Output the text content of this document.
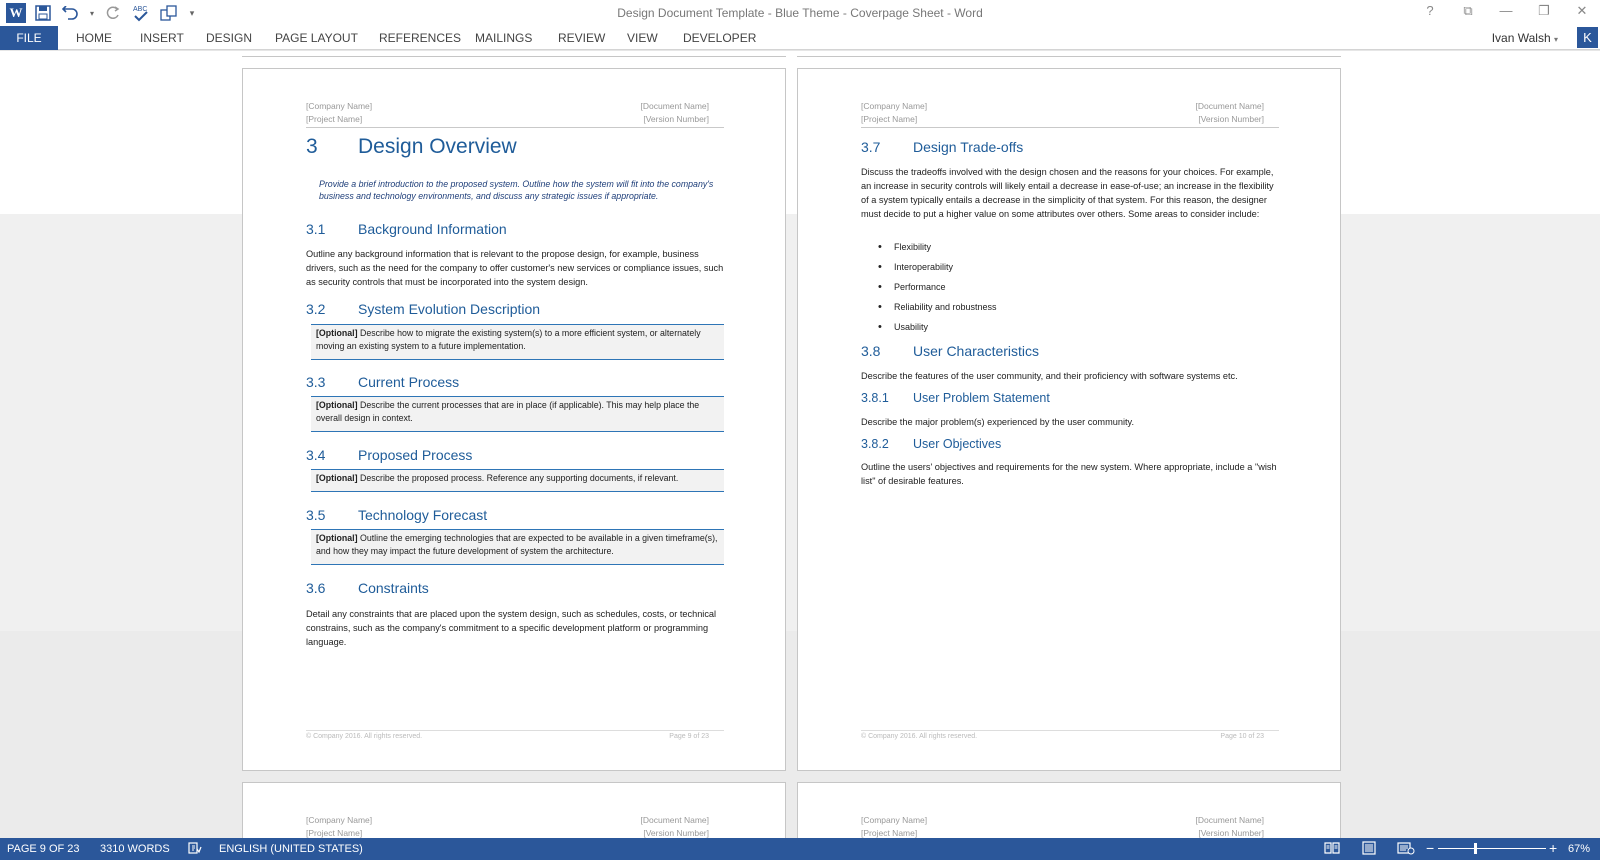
W	▾	ABC	▾	Design Document Template - Blue Theme - Coverpage Sheet - Word	?	⧉	—	❐	✕
FILE	HOME INSERT DESIGN PAGE LAYOUT REFERENCES MAILINGS REVIEW VIEW DEVELOPER	Ivan Walsh ▾	K
[Company Name]
[Project Name]
[Document Name]
[Version Number]
3 Design Overview
Provide a brief introduction to the proposed system. Outline how the system will fit into the company's business and technology environments, and discuss any strategic issues if appropriate.
3.1 Background Information
Outline any background information that is relevant to the propose design, for example, business drivers, such as the need for the company to offer customer's new services or compliance issues, such as security controls that must be incorporated into the system design.
3.2 System Evolution Description
[Optional] Describe how to migrate the existing system(s) to a more efficient system, or alternately moving an existing system to a future implementation.
3.3 Current Process
[Optional] Describe the current processes that are in place (if applicable). This may help place the overall design in context.
3.4 Proposed Process
[Optional] Describe the proposed process. Reference any supporting documents, if relevant.
3.5 Technology Forecast
[Optional] Outline the emerging technologies that are expected to be available in a given timeframe(s), and how they may impact the future development of system the architecture.
3.6 Constraints
Detail any constraints that are placed upon the system design, such as schedules, costs, or technical constrains, such as the company's commitment to a specific development platform or programming language.
© Company 2016. All rights reserved.	Page 9 of 23
[Company Name]
[Project Name]
[Document Name]
[Version Number]
3.7 Design Trade-offs
Discuss the tradeoffs involved with the design chosen and the reasons for your choices. For example, an increase in security controls will likely entail a decrease in ease-of-use; an increase in the flexibility of a system typically entails a decrease in the simplicity of that system. For this reason, the designer must decide to put a higher value on some attributes over others. Some areas to consider include:
• Flexibility
• Interoperability
• Performance
• Reliability and robustness
• Usability
3.8 User Characteristics
Describe the features of the user community, and their proficiency with software systems etc.
3.8.1 User Problem Statement
Describe the major problem(s) experienced by the user community.
3.8.2 User Objectives
Outline the users' objectives and requirements for the new system. Where appropriate, include a "wish list" of desirable features.
© Company 2016. All rights reserved.	Page 10 of 23
[Company Name]
[Project Name]
[Document Name]
[Version Number]
[Company Name]
[Project Name]
[Document Name]
[Version Number]
PAGE 9 OF 23 3310 WORDS	ENGLISH (UNITED STATES)	−	+ 67%
